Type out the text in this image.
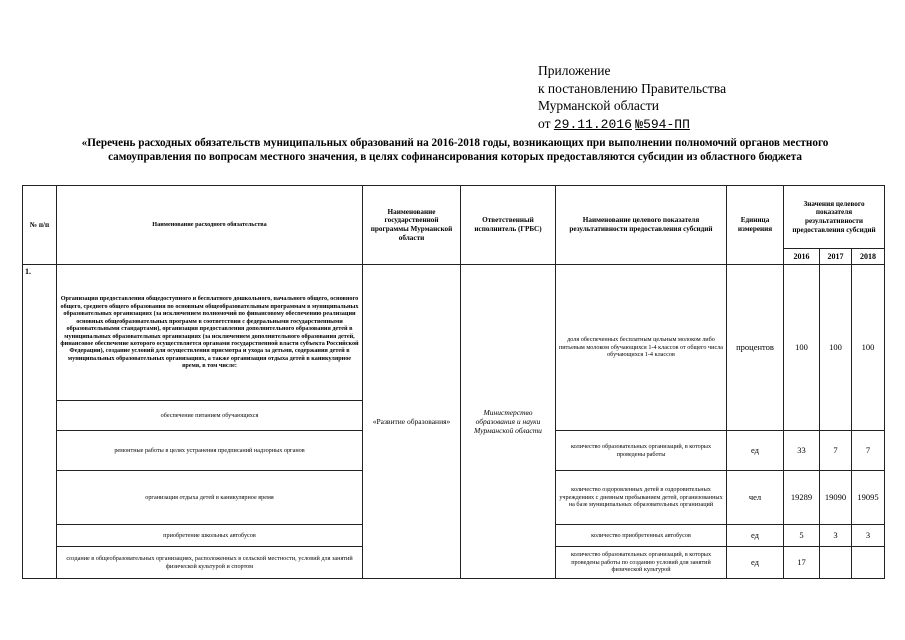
Приложение
к постановлению Правительства
Мурманской области
от 29.11.2016 №594-ПП
«Перечень расходных обязательств муниципальных образований на 2016-2018 годы, возникающих при выполнении полномочий органов местного самоуправления по вопросам местного значения, в целях софинансирования которых предоставляются субсидии из областного бюджета
№ п/п	Наименование расходного обязательства	Наименование государственной программы Мурманской области	Ответственный исполнитель (ГРБС)	Наименование целевого показателя результативности предоставления субсидий	Единица измерения	Значения целевого показателя результативности предоставления субсидий		
						2016	2017	2018
1.	Организация предоставления общедоступного и бесплатного дошкольного, начального общего, основного общего, среднего общего образования по основным общеобразовательным программам в муниципальных образовательных организациях (за исключением полномочий по финансовому обеспечению реализации основных общеобразовательных программ в соответствии с федеральными государственными образовательными стандартами), организация предоставления дополнительного образования детей в муниципальных образовательных организациях (за исключением дополнительного образования детей, финансовое обеспечение которого осуществляется органами государственной власти субъекта Российской Федерации), создание условий для осуществления присмотра и ухода за детьми, содержания детей в муниципальных образовательных организациях, а также организация отдыха детей в каникулярное время, в том числе:	«Развитие образования»	Министерство образования и науки Мурманской области	доля обеспеченных бесплатным цельным молоком либо питьевым молоком обучающихся 1-4 классов от общего числа обучающихся 1-4 классов	процентов	100	100	100
	обеспечение питанием обучающихся							
	ремонтные работы в целях устранения предписаний надзорных органов			количество образовательных организаций, в которых проведены работы	ед	33	7	7
	организация отдыха детей в каникулярное время			количество оздоровленных детей в оздоровительных учреждениях с дневным пребыванием детей, организованных на базе муниципальных образовательных организаций	чел	19289	19090	19095
	приобретение школьных автобусов			количество приобретенных автобусов	ед	5	3	3
	создание в общеобразовательных организациях, расположенных в сельской местности, условий для занятий физической культурой и спортом			количество образовательных организаций, в которых проведены работы по созданию условий для занятий физической культурой	ед	17		
